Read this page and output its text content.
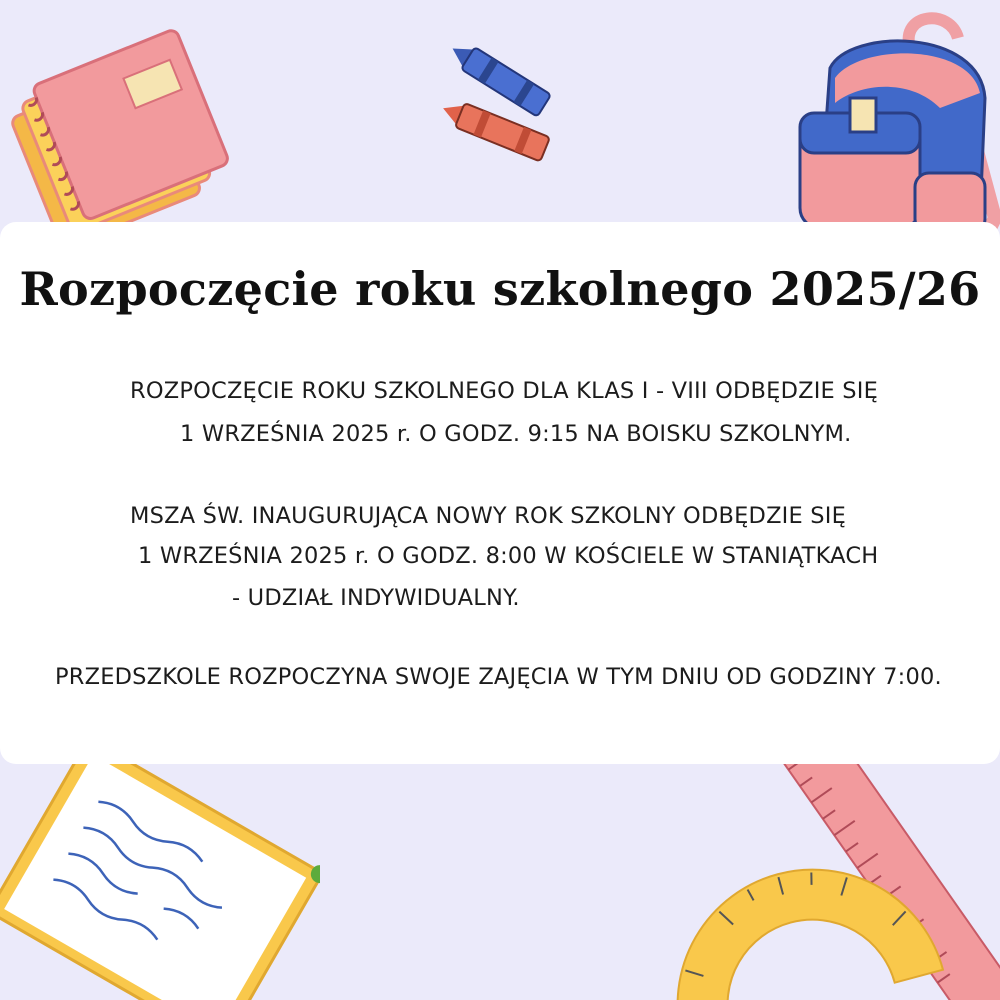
Rozpoczęcie roku szkolnego 2025/26

ROZPOCZĘCIE ROKU SZKOLNEGO DLA KLAS I - VIII ODBĘDZIE SIĘ

1 WRZEŚNIA 2025 r. O GODZ. 9:15 NA BOISKU SZKOLNYM.

MSZA ŚW. INAUGURUJĄCA NOWY ROK SZKOLNY ODBĘDZIE SIĘ

1 WRZEŚNIA 2025 r. O GODZ. 8:00 W KOŚCIELE W STANIĄTKACH

- UDZIAŁ INDYWIDUALNY.

PRZEDSZKOLE ROZPOCZYNA SWOJE ZAJĘCIA W TYM DNIU OD GODZINY 7:00.
